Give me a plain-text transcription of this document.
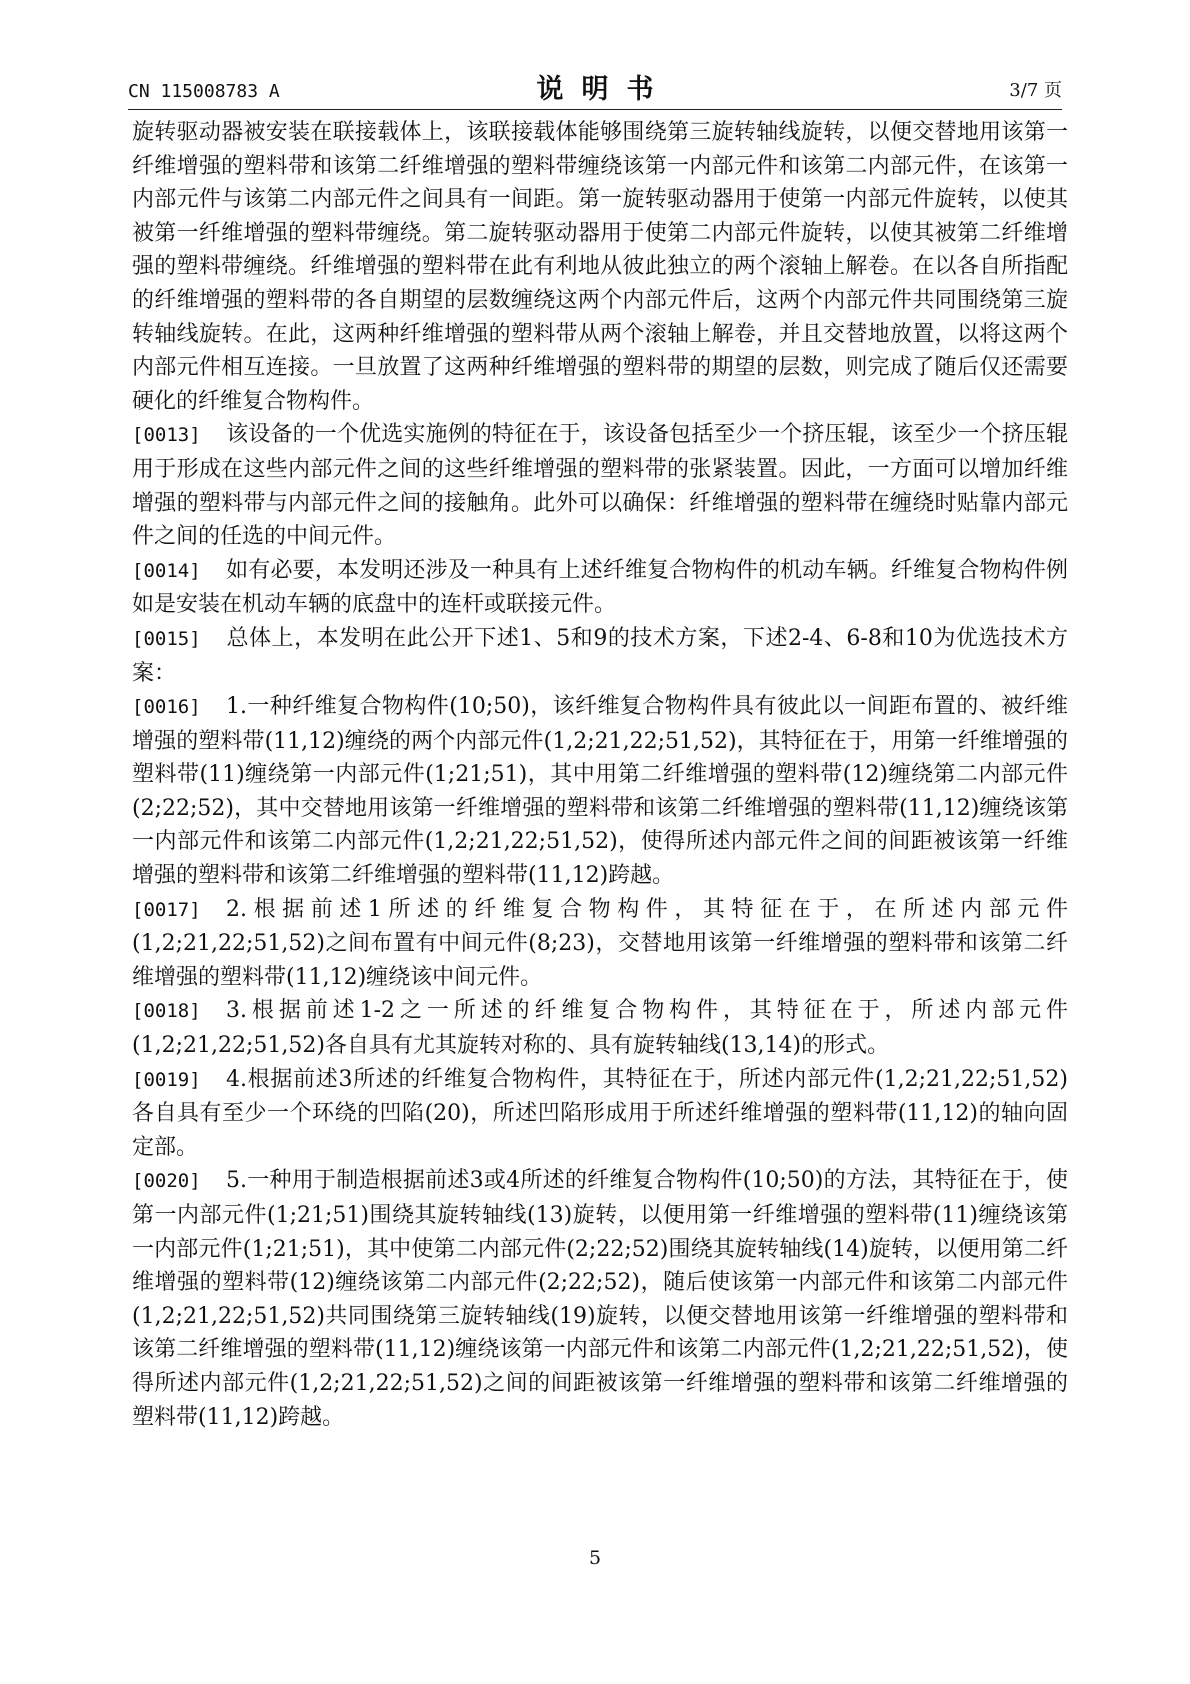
CN 115008783 A	说明书	3/7 页

旋转驱动器被安装在联接载体上，该联接载体能够围绕第三旋转轴线旋转，以便交替地用该第一纤维增强的塑料带和该第二纤维增强的塑料带缠绕该第一内部元件和该第二内部元件，在该第一内部元件与该第二内部元件之间具有一间距。第一旋转驱动器用于使第一内部元件旋转，以使其被第一纤维增强的塑料带缠绕。第二旋转驱动器用于使第二内部元件旋转，以使其被第二纤维增强的塑料带缠绕。纤维增强的塑料带在此有利地从彼此独立的两个滚轴上解卷。在以各自所指配的纤维增强的塑料带的各自期望的层数缠绕这两个内部元件后，这两个内部元件共同围绕第三旋转轴线旋转。在此，这两种纤维增强的塑料带从两个滚轴上解卷，并且交替地放置，以将这两个内部元件相互连接。一旦放置了这两种纤维增强的塑料带的期望的层数，则完成了随后仅还需要硬化的纤维复合物构件。

[0013] 该设备的一个优选实施例的特征在于，该设备包括至少一个挤压辊，该至少一个挤压辊用于形成在这些内部元件之间的这些纤维增强的塑料带的张紧装置。因此，一方面可以增加纤维增强的塑料带与内部元件之间的接触角。此外可以确保：纤维增强的塑料带在缠绕时贴靠内部元件之间的任选的中间元件。

[0014] 如有必要，本发明还涉及一种具有上述纤维复合物构件的机动车辆。纤维复合物构件例如是安装在机动车辆的底盘中的连杆或联接元件。

[0015] 总体上，本发明在此公开下述1、5和9的技术方案，下述2-4、6-8和10为优选技术方案：

[0016] 1.一种纤维复合物构件(10;50)，该纤维复合物构件具有彼此以一间距布置的、被纤维增强的塑料带(11,12)缠绕的两个内部元件(1,2;21,22;51,52)，其特征在于，用第一纤维增强的塑料带(11)缠绕第一内部元件(1;21;51)，其中用第二纤维增强的塑料带(12)缠绕第二内部元件(2;22;52)，其中交替地用该第一纤维增强的塑料带和该第二纤维增强的塑料带(11,12)缠绕该第一内部元件和该第二内部元件(1,2;21,22;51,52)，使得所述内部元件之间的间距被该第一纤维增强的塑料带和该第二纤维增强的塑料带(11,12)跨越。

[0017] 2.根据前述1所述的纤维复合物构件，其特征在于，在所述内部元件(1,2;21,22;51,52)之间布置有中间元件(8;23)，交替地用该第一纤维增强的塑料带和该第二纤维增强的塑料带(11,12)缠绕该中间元件。

[0018] 3.根据前述1-2之一所述的纤维复合物构件，其特征在于，所述内部元件(1,2;21,22;51,52)各自具有尤其旋转对称的、具有旋转轴线(13,14)的形式。

[0019] 4.根据前述3所述的纤维复合物构件，其特征在于，所述内部元件(1,2;21,22;51,52)各自具有至少一个环绕的凹陷(20)，所述凹陷形成用于所述纤维增强的塑料带(11,12)的轴向固定部。

[0020] 5.一种用于制造根据前述3或4所述的纤维复合物构件(10;50)的方法，其特征在于，使第一内部元件(1;21;51)围绕其旋转轴线(13)旋转，以便用第一纤维增强的塑料带(11)缠绕该第一内部元件(1;21;51)，其中使第二内部元件(2;22;52)围绕其旋转轴线(14)旋转，以便用第二纤维增强的塑料带(12)缠绕该第二内部元件(2;22;52)，随后使该第一内部元件和该第二内部元件(1,2;21,22;51,52)共同围绕第三旋转轴线(19)旋转，以便交替地用该第一纤维增强的塑料带和该第二纤维增强的塑料带(11,12)缠绕该第一内部元件和该第二内部元件(1,2;21,22;51,52)，使得所述内部元件(1,2;21,22;51,52)之间的间距被该第一纤维增强的塑料带和该第二纤维增强的塑料带(11,12)跨越。

5
